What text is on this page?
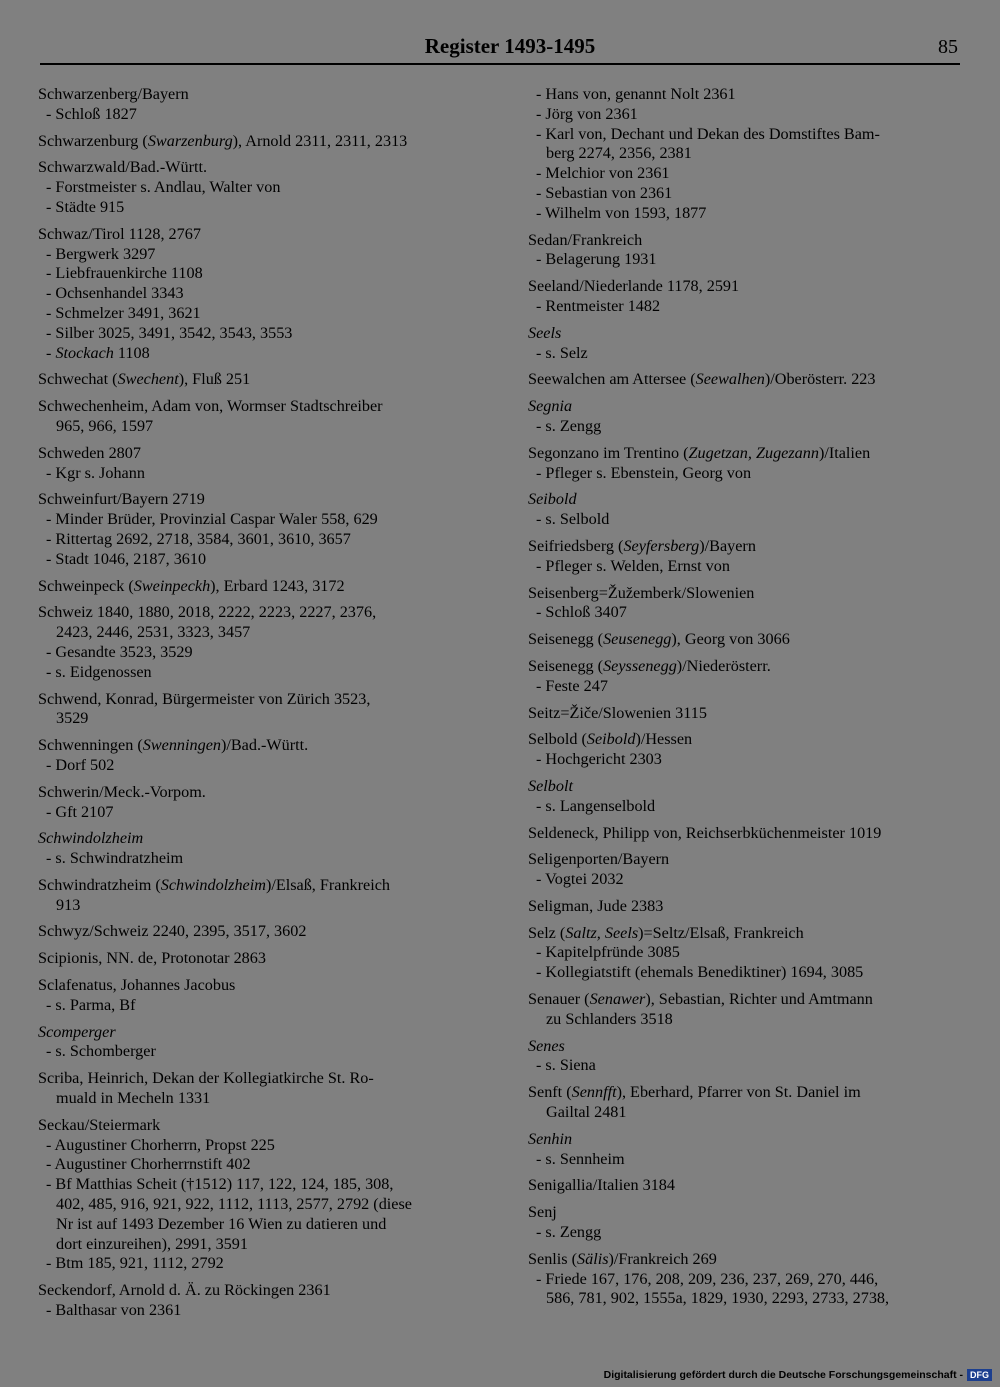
Register 1493-1495	85
Schwarzenberg/Bayern
- Schloß 1827
Schwarzenburg (Swarzenburg), Arnold 2311, 2311, 2313
Schwarzwald/Bad.-Württ.
- Forstmeister s. Andlau, Walter von
- Städte 915
Schwaz/Tirol 1128, 2767
- Bergwerk 3297
- Liebfrauenkirche 1108
- Ochsenhandel 3343
- Schmelzer 3491, 3621
- Silber 3025, 3491, 3542, 3543, 3553
- Stockach 1108
Schwechat (Swechent), Fluß 251
Schwechenheim, Adam von, Wormser Stadtschreiber
965, 966, 1597
Schweden 2807
- Kgr s. Johann
Schweinfurt/Bayern 2719
- Minder Brüder, Provinzial Caspar Waler 558, 629
- Rittertag 2692, 2718, 3584, 3601, 3610, 3657
- Stadt 1046, 2187, 3610
Schweinpeck (Sweinpeckh), Erbard 1243, 3172
Schweiz 1840, 1880, 2018, 2222, 2223, 2227, 2376,
2423, 2446, 2531, 3323, 3457
- Gesandte 3523, 3529
- s. Eidgenossen
Schwend, Konrad, Bürgermeister von Zürich 3523,
3529
Schwenningen (Swenningen)/Bad.-Württ.
- Dorf 502
Schwerin/Meck.-Vorpom.
- Gft 2107
Schwindolzheim
- s. Schwindratzheim
Schwindratzheim (Schwindolzheim)/Elsaß, Frankreich
913
Schwyz/Schweiz 2240, 2395, 3517, 3602
Scipionis, NN. de, Protonotar 2863
Sclafenatus, Johannes Jacobus
- s. Parma, Bf
Scomperger
- s. Schomberger
Scriba, Heinrich, Dekan der Kollegiatkirche St. Ro-
muald in Mecheln 1331
Seckau/Steiermark
- Augustiner Chorherrn, Propst 225
- Augustiner Chorherrnstift 402
- Bf Matthias Scheit (†1512) 117, 122, 124, 185, 308,
402, 485, 916, 921, 922, 1112, 1113, 2577, 2792 (diese
Nr ist auf 1493 Dezember 16 Wien zu datieren und
dort einzureihen), 2991, 3591
- Btm 185, 921, 1112, 2792
Seckendorf, Arnold d. Ä. zu Röckingen 2361
- Balthasar von 2361
- Hans von, genannt Nolt 2361
- Jörg von 2361
- Karl von, Dechant und Dekan des Domstiftes Bam-
berg 2274, 2356, 2381
- Melchior von 2361
- Sebastian von 2361
- Wilhelm von 1593, 1877
Sedan/Frankreich
- Belagerung 1931
Seeland/Niederlande 1178, 2591
- Rentmeister 1482
Seels
- s. Selz
Seewalchen am Attersee (Seewalhen)/Oberösterr. 223
Segnia
- s. Zengg
Segonzano im Trentino (Zugetzan, Zugezann)/Italien
- Pfleger s. Ebenstein, Georg von
Seibold
- s. Selbold
Seifriedsberg (Seyfersberg)/Bayern
- Pfleger s. Welden, Ernst von
Seisenberg=Žužemberk/Slowenien
- Schloß 3407
Seisenegg (Seusenegg), Georg von 3066
Seisenegg (Seyssenegg)/Niederösterr.
- Feste 247
Seitz=Žiče/Slowenien 3115
Selbold (Seibold)/Hessen
- Hochgericht 2303
Selbolt
- s. Langenselbold
Seldeneck, Philipp von, Reichserbküchenmeister 1019
Seligenporten/Bayern
- Vogtei 2032
Seligman, Jude 2383
Selz (Saltz, Seels)=Seltz/Elsaß, Frankreich
- Kapitelpfründe 3085
- Kollegiatstift (ehemals Benediktiner) 1694, 3085
Senauer (Senawer), Sebastian, Richter und Amtmann
zu Schlanders 3518
Senes
- s. Siena
Senft (Sennfft), Eberhard, Pfarrer von St. Daniel im
Gailtal 2481
Senhin
- s. Sennheim
Senigallia/Italien 3184
Senj
- s. Zengg
Senlis (Sälis)/Frankreich 269
- Friede 167, 176, 208, 209, 236, 237, 269, 270, 446,
586, 781, 902, 1555a, 1829, 1930, 2293, 2733, 2738,
Digitalisierung gefördert durch die Deutsche Forschungsgemeinschaft - DFG
